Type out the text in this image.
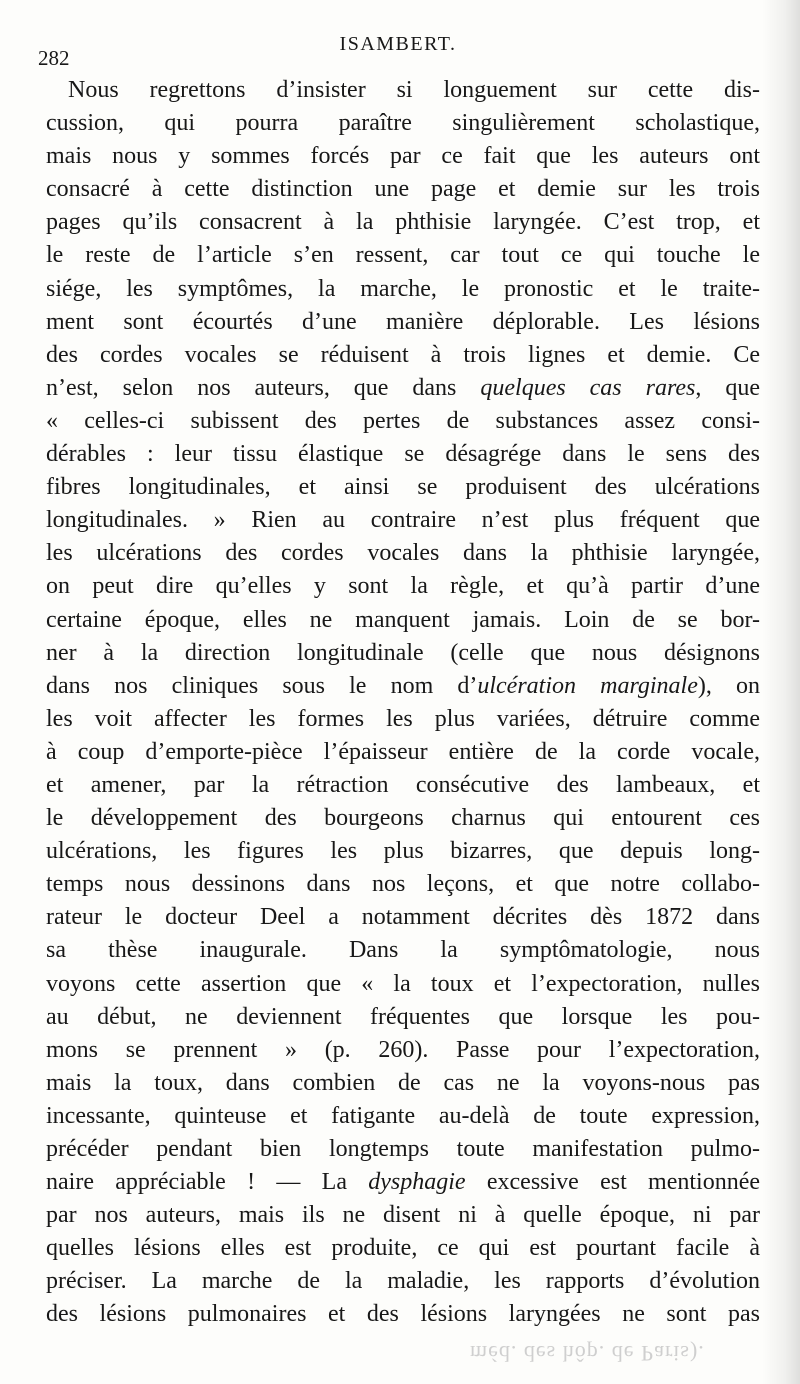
282
ISAMBERT.
Nous regrettons d’insister si longuement sur cette dis-
cussion, qui pourra paraître singulièrement scholastique,
mais nous y sommes forcés par ce fait que les auteurs ont
consacré à cette distinction une page et demie sur les trois
pages qu’ils consacrent à la phthisie laryngée. C’est trop, et
le reste de l’article s’en ressent, car tout ce qui touche le
siége, les symptômes, la marche, le pronostic et le traite-
ment sont écourtés d’une manière déplorable. Les lésions
des cordes vocales se réduisent à trois lignes et demie. Ce
n’est, selon nos auteurs, que dans quelques cas rares, que
« celles-ci subissent des pertes de substances assez consi-
dérables : leur tissu élastique se désagrége dans le sens des
fibres longitudinales, et ainsi se produisent des ulcérations
longitudinales. » Rien au contraire n’est plus fréquent que
les ulcérations des cordes vocales dans la phthisie laryngée,
on peut dire qu’elles y sont la règle, et qu’à partir d’une
certaine époque, elles ne manquent jamais. Loin de se bor-
ner à la direction longitudinale (celle que nous désignons
dans nos cliniques sous le nom d’ulcération marginale), on
les voit affecter les formes les plus variées, détruire comme
à coup d’emporte-pièce l’épaisseur entière de la corde vocale,
et amener, par la rétraction consécutive des lambeaux, et
le développement des bourgeons charnus qui entourent ces
ulcérations, les figures les plus bizarres, que depuis long-
temps nous dessinons dans nos leçons, et que notre collabo-
rateur le docteur Deel a notamment décrites dès 1872 dans
sa thèse inaugurale. Dans la symptômatologie, nous
voyons cette assertion que « la toux et l’expectoration, nulles
au début, ne deviennent fréquentes que lorsque les pou-
mons se prennent » (p. 260). Passe pour l’expectoration,
mais la toux, dans combien de cas ne la voyons-nous pas
incessante, quinteuse et fatigante au-delà de toute expression,
précéder pendant bien longtemps toute manifestation pulmo-
naire appréciable ! — La dysphagie excessive est mentionnée
par nos auteurs, mais ils ne disent ni à quelle époque, ni par
quelles lésions elles est produite, ce qui est pourtant facile à
préciser. La marche de la maladie, les rapports d’évolution
des lésions pulmonaires et des lésions laryngées ne sont pas
méd. des hôp. de Paris).
